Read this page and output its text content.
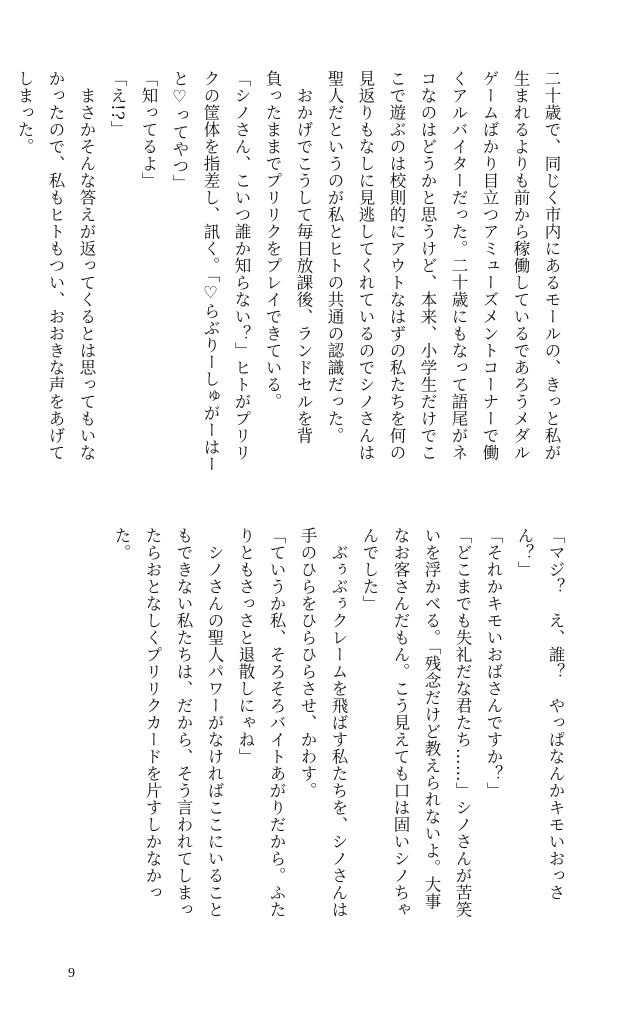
二十歳で、同じく市内にあるモールの、きっと私が

生まれるよりも前から稼働しているであろうメダル

ゲームばかり目立つアミューズメントコーナーで働

くアルバイターだった。二十歳にもなって語尾がネ

コなのはどうかと思うけど、本来、小学生だけでこ

こで遊ぶのは校則的にアウトなはずの私たちを何の

見返りもなしに見逃してくれているのでシノさんは

聖人だというのが私とヒトの共通の認識だった。

　おかげでこうして毎日放課後、ランドセルを背

負ったままでプリリクをプレイできている。

「シノさん、こいつ誰か知らない？」ヒトがプリリ

クの筐体を指差し、訊く。「♡らぶりーしゅがーはー

と♡ってやつ」

「知ってるよ」

「え!?」

　まさかそんな答えが返ってくるとは思ってもいな

かったので、私もヒトもつい、おおきな声をあげて

しまった。

「マジ？　え、誰？　やっぱなんかキモいおっさ

ん？」

「それかキモいおばさんですか？」

「どこまでも失礼だな君たち……」シノさんが苦笑

いを浮かべる。「残念だけど教えられないよ。大事

なお客さんだもん。こう見えても口は固いシノちゃ

んでした」

　ぶぅぶぅクレームを飛ばす私たちを、シノさんは

手のひらをひらひらさせ、かわす。

「ていうか私、そろそろバイトあがりだから。ふた

りともさっさと退散しにゃね」

　シノさんの聖人パワーがなければここにいること

もできない私たちは、だから、そう言われてしまっ

たらおとなしくプリリクカードを片すしかなかっ

た。

9
